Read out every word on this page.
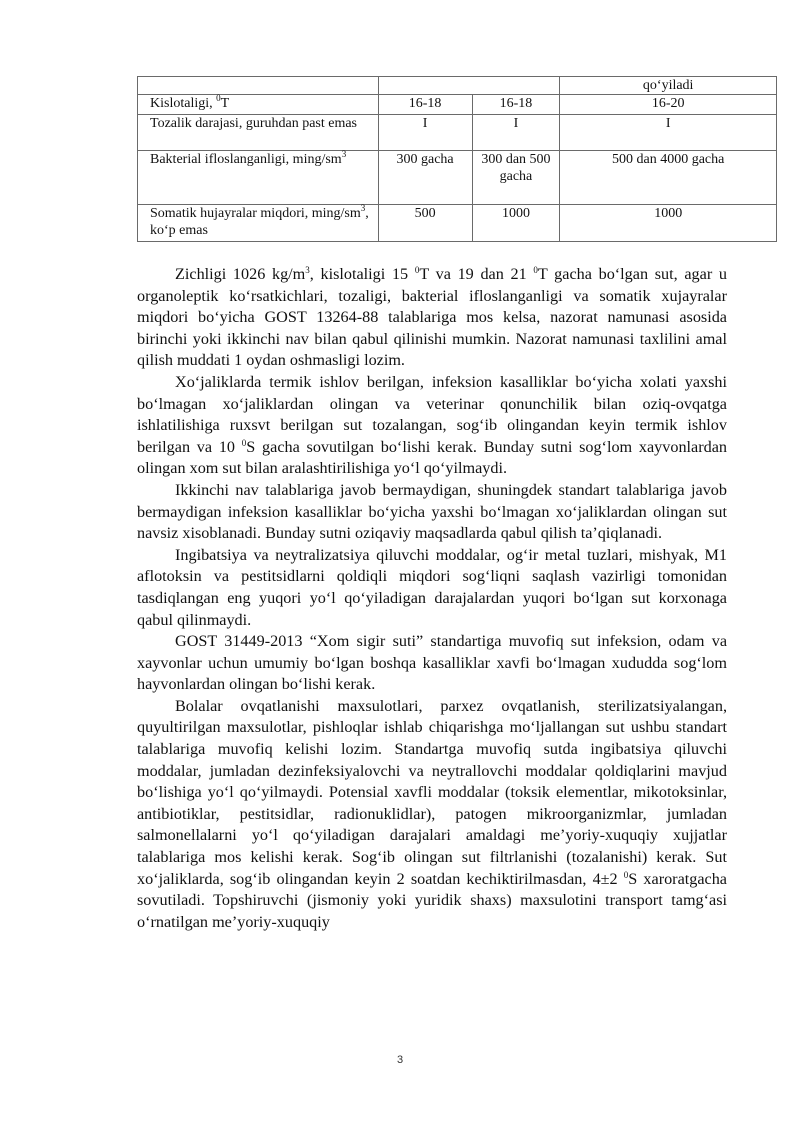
			qo‘yiladi
Kislotaligi, $^0$T	16-18	16-18	16-20
Tozalik darajasi, guruhdan past emas	I	I	I
Bakterial ifloslanganligi, ming/$sm^3$	300 gacha	300 dan 500 gacha	500 dan 4000 gacha
Somatik hujayralar miqdori, ming/$sm^3$, ko‘p emas	500	1000	1000

Zichligi 1026 $kg/m^3$, kislotaligi 15 $^0$T va 19 dan 21 $^0$T gacha bo‘lgan sut, agar u organoleptik ko‘rsatkichlari, tozaligi, bakterial ifloslanganligi va somatik xujayralar miqdori bo‘yicha GOST 13264-88 talablariga mos kelsa, nazorat namunasi asosida birinchi yoki ikkinchi nav bilan qabul qilinishi mumkin. Nazorat namunasi taxlilini amal qilish muddati 1 oydan oshmasligi lozim.

Xo‘jaliklarda termik ishlov berilgan, infeksion kasalliklar bo‘yicha xolati yaxshi bo‘lmagan xo‘jaliklardan olingan va veterinar qonunchilik bilan oziq-ovqatga ishlatilishiga ruxsvt berilgan sut tozalangan, sog‘ib olingandan keyin termik ishlov berilgan va 10 $^0$S gacha sovutilgan bo‘lishi kerak. Bunday sutni sog‘lom xayvonlardan olingan xom sut bilan aralashtirilishiga yo‘l qo‘yilmaydi.

Ikkinchi nav talablariga javob bermaydigan, shuningdek standart talablariga javob bermaydigan infeksion kasalliklar bo‘yicha yaxshi bo‘lmagan xo‘jaliklardan olingan sut navsiz xisoblanadi. Bunday sutni oziqaviy maqsadlarda qabul qilish ta’qiqlanadi.

Ingibatsiya va neytralizatsiya qiluvchi moddalar, og‘ir metal tuzlari, mishyak, M1 aflotoksin va pestitsidlarni qoldiqli miqdori sog‘liqni saqlash vazirligi tomonidan tasdiqlangan eng yuqori yo‘l qo‘yiladigan darajalardan yuqori bo‘lgan sut korxonaga qabul qilinmaydi.

GOST 31449-2013 “Xom sigir suti” standartiga muvofiq sut infeksion, odam va xayvonlar uchun umumiy bo‘lgan boshqa kasalliklar xavfi bo‘lmagan xududda sog‘lom hayvonlardan olingan bo‘lishi kerak.

Bolalar ovqatlanishi maxsulotlari, parxez ovqatlanish, sterilizatsiyalangan, quyultirilgan maxsulotlar, pishloqlar ishlab chiqarishga mo‘ljallangan sut ushbu standart talablariga muvofiq kelishi lozim. Standartga muvofiq sutda ingibatsiya qiluvchi moddalar, jumladan dezinfeksiyalovchi va neytrallovchi moddalar qoldiqlarini mavjud bo‘lishiga yo‘l qo‘yilmaydi. Potensial xavfli moddalar (toksik elementlar, mikotoksinlar, antibiotiklar, pestitsidlar, radionuklidlar), patogen mikroorganizmlar, jumladan salmonellalarni yo‘l qo‘yiladigan darajalari amaldagi me’yoriy-xuquqiy xujjatlar talablariga mos kelishi kerak. Sog‘ib olingan sut filtrlanishi (tozalanishi) kerak. Sut xo‘jaliklarda, sog‘ib olingandan keyin 2 soatdan kechiktirilmasdan, 4±2 $^0$S xaroratgacha sovutiladi. Topshiruvchi (jismoniy yoki yuridik shaxs) maxsulotini transport tamg‘asi o‘rnatilgan me’yoriy-xuquqiy

3
